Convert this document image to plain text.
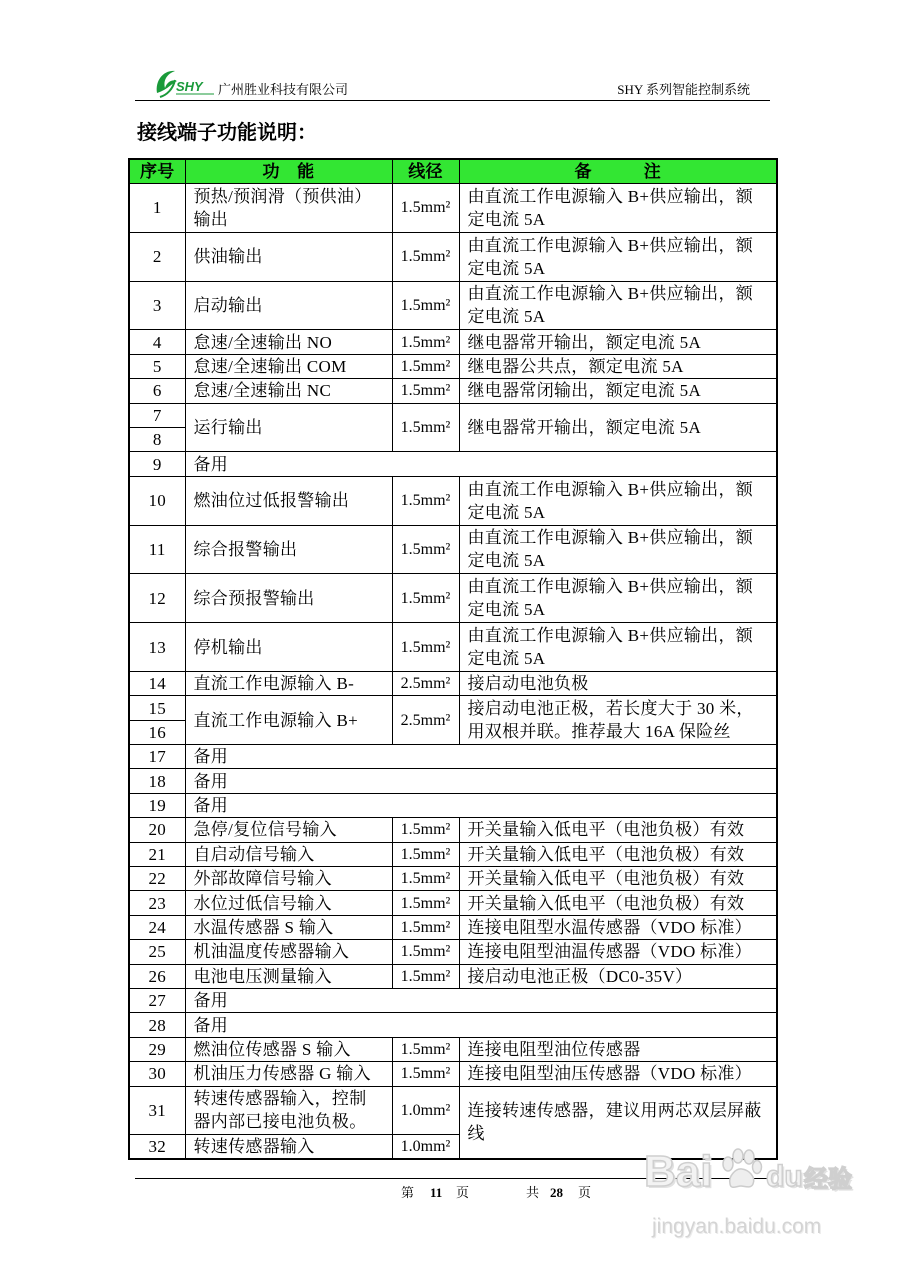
SHY 广州胜业科技有限公司	SHY 系列智能控制系统
接线端子功能说明：
序号	功　能	线径	备　　　注
1	预热/预润滑（预供油）
输出	1.5mm²	由直流工作电源输入 B+供应输出，额
定电流 5A

2	供油输出	1.5mm²	由直流工作电源输入 B+供应输出，额
定电流 5A

3	启动输出	1.5mm²	由直流工作电源输入 B+供应输出，额
定电流 5A

4	怠速/全速输出 NO	1.5mm²	继电器常开输出，额定电流 5A
5	怠速/全速输出 COM	1.5mm²	继电器公共点，额定电流 5A
6	怠速/全速输出 NC	1.5mm²	继电器常闭输出，额定电流 5A
7	运行输出	1.5mm²	继电器常开输出，额定电流 5A
8			
9	备用		
10	燃油位过低报警输出	1.5mm²	由直流工作电源输入 B+供应输出，额
定电流 5A

11	综合报警输出	1.5mm²	由直流工作电源输入 B+供应输出，额
定电流 5A

12	综合预报警输出	1.5mm²	由直流工作电源输入 B+供应输出，额
定电流 5A

13	停机输出	1.5mm²	由直流工作电源输入 B+供应输出，额
定电流 5A

14	直流工作电源输入 B-	2.5mm²	接启动电池负极
15	直流工作电源输入 B+	2.5mm²	接启动电池正极，若长度大于 30 米，
用双根并联。推荐最大 16A 保险丝

16			
17	备用		
18	备用		
19	备用		
20	急停/复位信号输入	1.5mm²	开关量输入低电平（电池负极）有效
21	自启动信号输入	1.5mm²	开关量输入低电平（电池负极）有效
22	外部故障信号输入	1.5mm²	开关量输入低电平（电池负极）有效
23	水位过低信号输入	1.5mm²	开关量输入低电平（电池负极）有效
24	水温传感器 S 输入	1.5mm²	连接电阻型水温传感器（VDO 标准）
25	机油温度传感器输入	1.5mm²	连接电阻型油温传感器（VDO 标准）
26	电池电压测量输入	1.5mm²	接启动电池正极（DC0-35V）
27	备用		
28	备用		
29	燃油位传感器 S 输入	1.5mm²	连接电阻型油位传感器
30	机油压力传感器 G 输入	1.5mm²	连接电阻型油压传感器（VDO 标准）
31	转速传感器输入，控制
器内部已接电池负极。	1.0mm²	连接转速传感器，建议用两芯双层屏蔽
线

32	转速传感器输入	1.0mm²	
第 11 页	共 28 页 Bai du 经验
jingyan.baidu.com
